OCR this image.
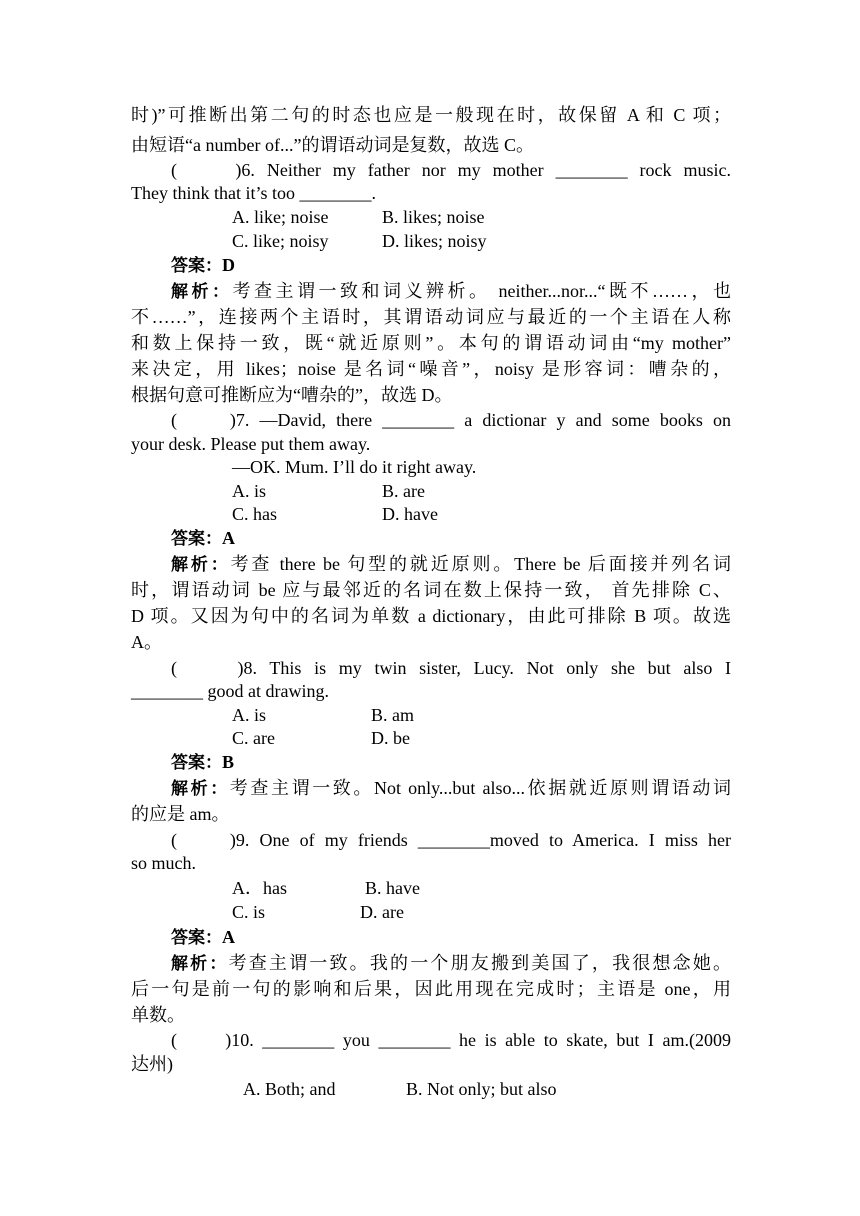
时)”可推断出第二句的时态也应是一般现在时，故保留 A 和 C 项；
由短语“a number of...”的谓语动词是复数，故选 C。
(　　)6. Neither my father nor my mother ________ rock music.
They think that it’s too ________.
A. like; noise	B. likes; noise
C. like; noisy	D. likes; noisy
答案：D
解析：考查主谓一致和词义辨析。 neither...nor...“既不……，也
不……”，连接两个主语时，其谓语动词应与最近的一个主语在人称
和数上保持一致，既“就近原则”。本句的谓语动词由“my mother”
来决定，用 likes；noise 是名词“噪音”，noisy 是形容词：嘈杂的，
根据句意可推断应为“嘈杂的”，故选 D。
(　　)7. —David, there ________ a dictionar y and some books on
your desk. Please put them away.
—OK. Mum. I’ll do it right away.
A. is	B. are
C. has	D. have
答案：A
解析：考查 there be 句型的就近原则。There be 后面接并列名词
时，谓语动词 be 应与最邻近的名词在数上保持一致， 首先排除 C、
D 项。又因为句中的名词为单数 a dictionary，由此可排除 B 项。故选
A。
(　　)8. This is my twin sister, Lucy. Not only she but also I
________ good at drawing.
A. is	B. am
C. are	D. be
答案：B
解析：考查主谓一致。Not only...but also...依据就近原则谓语动词
的应是 am。
(　　)9. One of my friends ________moved to America. I miss her
so much.
A．has	B. have
C. is	D. are
答案：A
解析：考查主谓一致。我的一个朋友搬到美国了，我很想念她。
后一句是前一句的影响和后果，因此用现在完成时；主语是 one，用
单数。
(　　)10. ________ you ________ he is able to skate, but I am.(2009
达州)
A. Both; and	B. Not only; but also
